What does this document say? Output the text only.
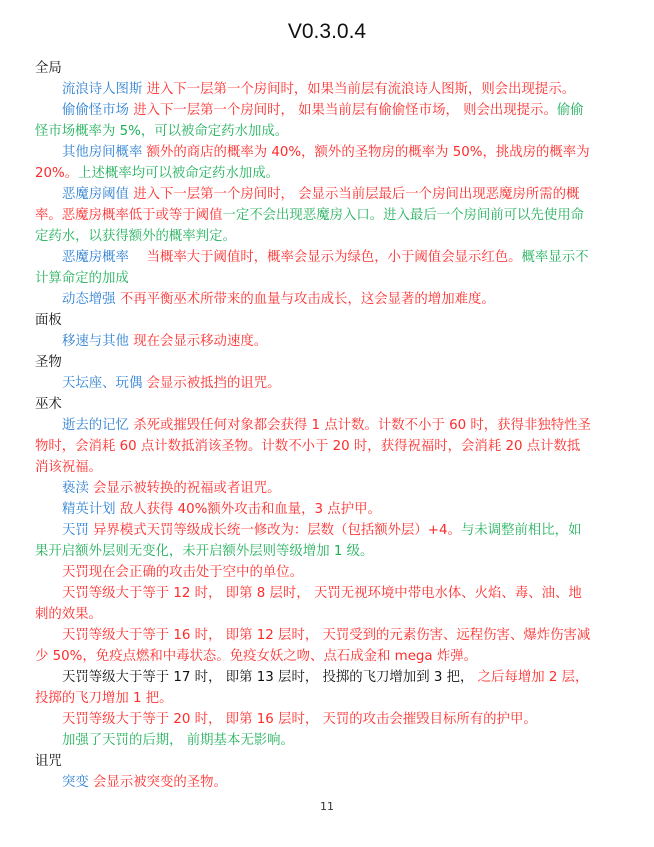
V0.3.0.4

全局

流浪诗人图斯 进入下一层第一个房间时，如果当前层有流浪诗人图斯，则会出现提示。

偷偷怪市场 进入下一层第一个房间时， 如果当前层有偷偷怪市场， 则会出现提示。偷偷怪市场概率为 5%，可以被命定药水加成。

其他房间概率 额外的商店的概率为 40%，额外的圣物房的概率为 50%，挑战房的概率为 20%。上述概率均可以被命定药水加成。

恶魔房阈值 进入下一层第一个房间时， 会显示当前层最后一个房间出现恶魔房所需的概率。恶魔房概率低于或等于阈值一定不会出现恶魔房入口。进入最后一个房间前可以先使用命定药水，以获得额外的概率判定。

恶魔房概率 　当概率大于阈值时，概率会显示为绿色，小于阈值会显示红色。概率显示不计算命定的加成

动态增强 不再平衡巫术所带来的血量与攻击成长，这会显著的增加难度。

面板

移速与其他 现在会显示移动速度。

圣物

天坛座、玩偶 会显示被抵挡的诅咒。

巫术

逝去的记忆 杀死或摧毁任何对象都会获得 1 点计数。计数不小于 60 时，获得非独特性圣物时，会消耗 60 点计数抵消该圣物。计数不小于 20 时，获得祝福时，会消耗 20 点计数抵消该祝福。

亵渎 会显示被转换的祝福或者诅咒。

精英计划 敌人获得 40%额外攻击和血量，3 点护甲。

天罚 异界模式天罚等级成长统一修改为：层数（包括额外层）+4。与未调整前相比，如果开启额外层则无变化，未开启额外层则等级增加 1 级。

天罚现在会正确的攻击处于空中的单位。

天罚等级大于等于 12 时， 即第 8 层时， 天罚无视环境中带电水体、火焰、毒、油、地刺的效果。

天罚等级大于等于 16 时， 即第 12 层时， 天罚受到的元素伤害、远程伤害、爆炸伤害减少 50%，免疫点燃和中毒状态。免疫女妖之吻、点石成金和 mega 炸弹。

天罚等级大于等于 17 时， 即第 13 层时， 投掷的飞刀增加到 3 把， 之后每增加 2 层，投掷的飞刀增加 1 把。

天罚等级大于等于 20 时， 即第 16 层时， 天罚的攻击会摧毁目标所有的护甲。

加强了天罚的后期， 前期基本无影响。

诅咒

突变 会显示被突变的圣物。

11
